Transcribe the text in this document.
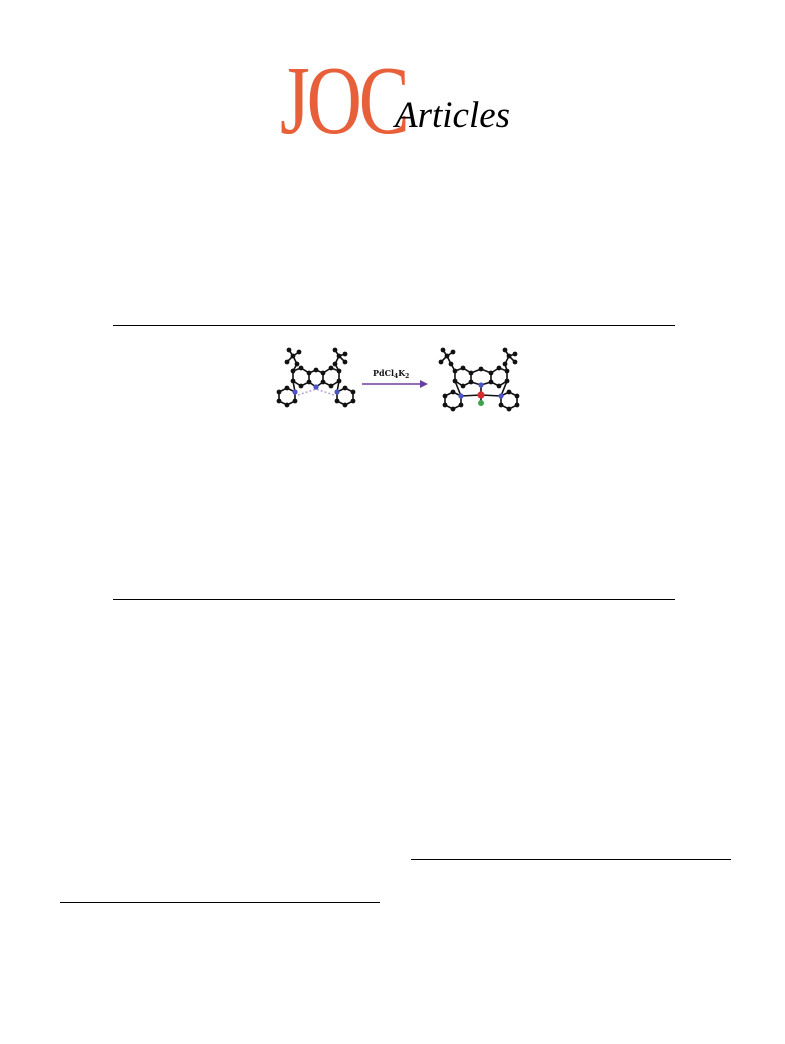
JOC
Articles
$PdCl_4K_2$
